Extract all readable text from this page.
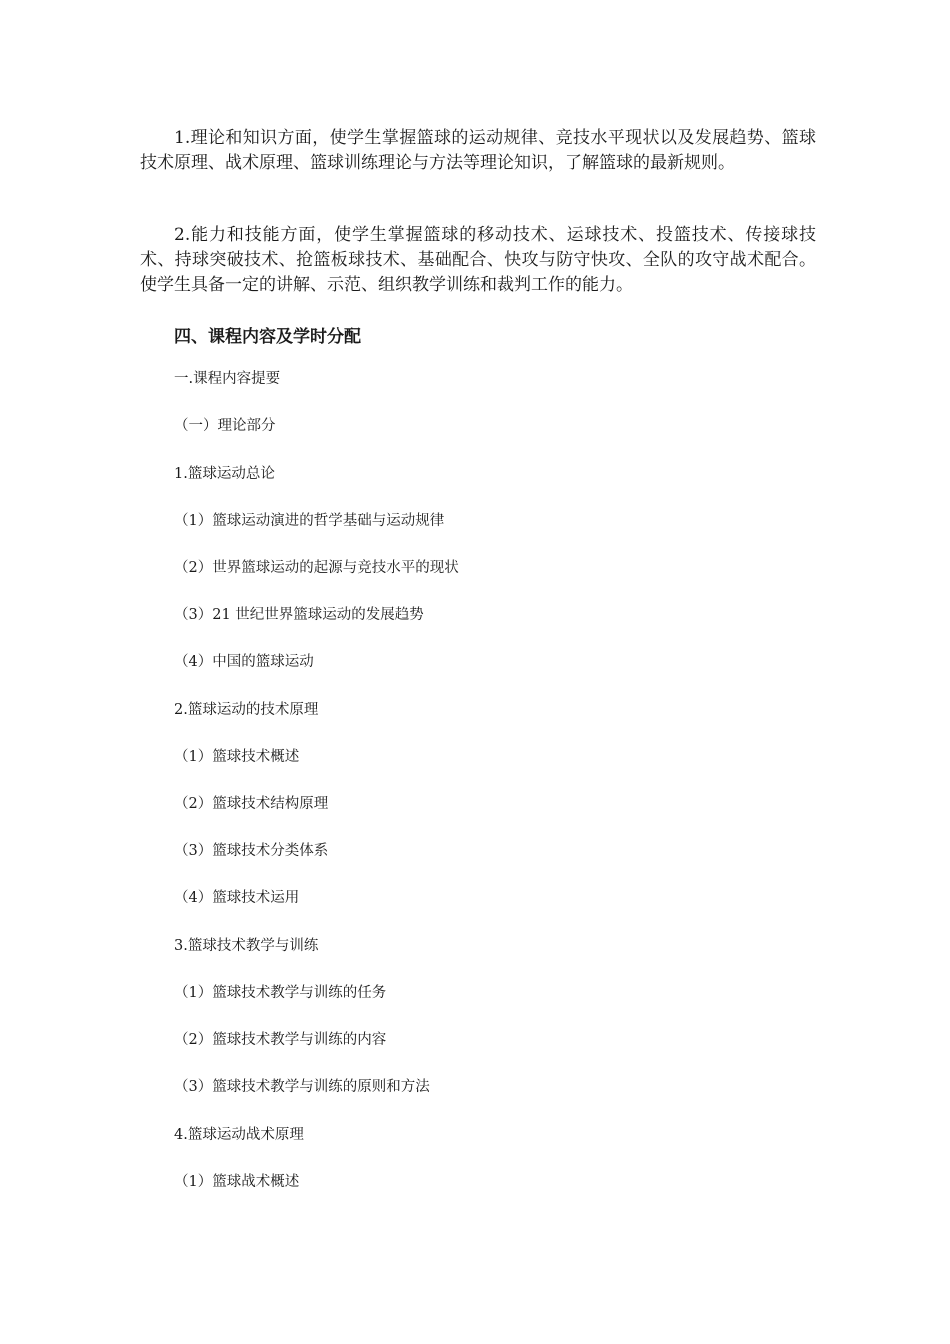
1.理论和知识方面，使学生掌握篮球的运动规律、竞技水平现状以及发展趋势、篮球技术原理、战术原理、篮球训练理论与方法等理论知识，了解篮球的最新规则。

2.能力和技能方面，使学生掌握篮球的移动技术、运球技术、投篮技术、传接球技术、持球突破技术、抢篮板球技术、基础配合、快攻与防守快攻、全队的攻守战术配合。使学生具备一定的讲解、示范、组织教学训练和裁判工作的能力。

四、课程内容及学时分配

一.课程内容提要

（一）理论部分

1.篮球运动总论

（1）篮球运动演进的哲学基础与运动规律

（2）世界篮球运动的起源与竞技水平的现状

（3）21 世纪世界篮球运动的发展趋势

（4）中国的篮球运动

2.篮球运动的技术原理

（1）篮球技术概述

（2）篮球技术结构原理

（3）篮球技术分类体系

（4）篮球技术运用

3.篮球技术教学与训练

（1）篮球技术教学与训练的任务

（2）篮球技术教学与训练的内容

（3）篮球技术教学与训练的原则和方法

4.篮球运动战术原理

（1）篮球战术概述
